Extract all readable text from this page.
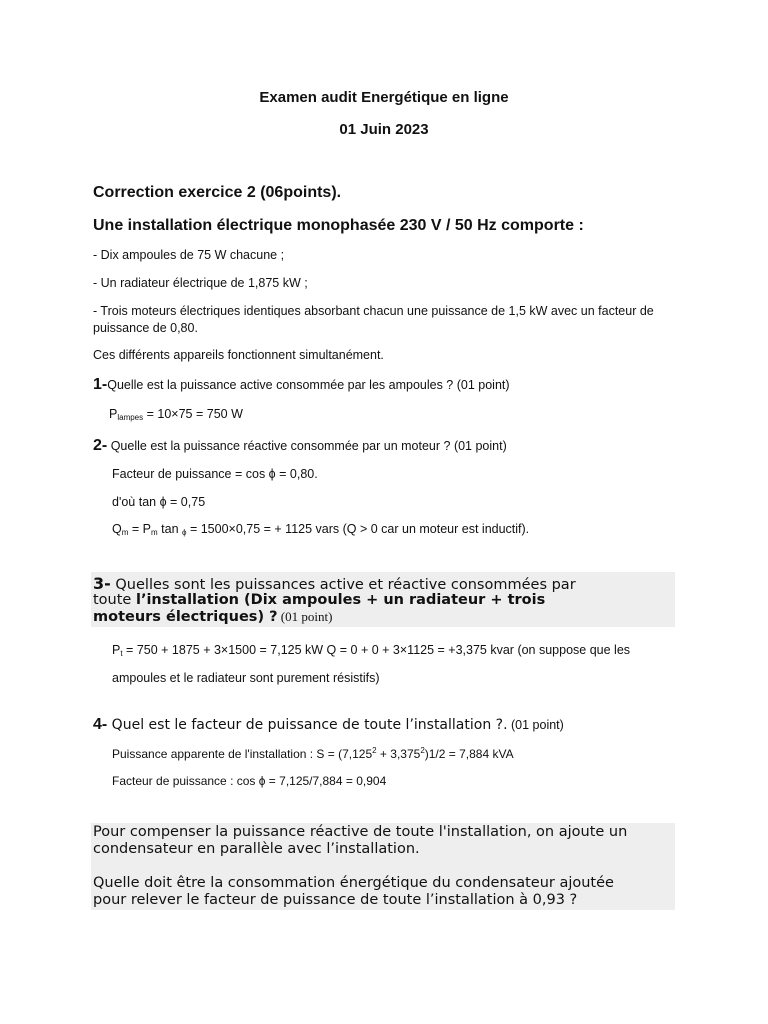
Examen audit Energétique en ligne
01 Juin 2023
Correction exercice 2 (06points).
Une installation électrique monophasée 230 V / 50 Hz comporte :
- Dix ampoules de 75 W chacune ;
- Un radiateur électrique de 1,875 kW ;
- Trois moteurs électriques identiques absorbant chacun une puissance de 1,5 kW avec un facteur de
puissance de 0,80.
Ces différents appareils fonctionnent simultanément.
1-Quelle est la puissance active consommée par les ampoules ? (01 point)
$P_{lampes} = 10\times 75 = 750$ W
2- Quelle est la puissance réactive consommée par un moteur ? (01 point)
Facteur de puissance = cos ϕ = 0,80.
d'où tan ϕ = 0,75
$Q_m = P_m$ tan $_\phi$ = 1500×0,75 = + 1125 vars (Q > 0 car un moteur est inductif).
3- Quelles sont les puissances active et réactive consommées par
toute l’installation (Dix ampoules + un radiateur + trois
moteurs électriques) ? (01 point)
$P_t = 750 + 1875 + 3\times 1500 = 7,125$ kW Q = 0 + 0 + 3×1125 = +3,375 kvar (on suppose que les
ampoules et le radiateur sont purement résistifs)
4- Quel est le facteur de puissance de toute l’installation ?. (01 point)
Puissance apparente de l'installation : $S = (7,125^2 + 3,375^2)1/2 = 7,884$ kVA
Facteur de puissance : cos ϕ = 7,125/7,884 = 0,904
Pour compenser la puissance réactive de toute l'installation, on ajoute un
condensateur en parallèle avec l’installation.
Quelle doit être la consommation énergétique du condensateur ajoutée
pour relever le facteur de puissance de toute l’installation à 0,93 ?
